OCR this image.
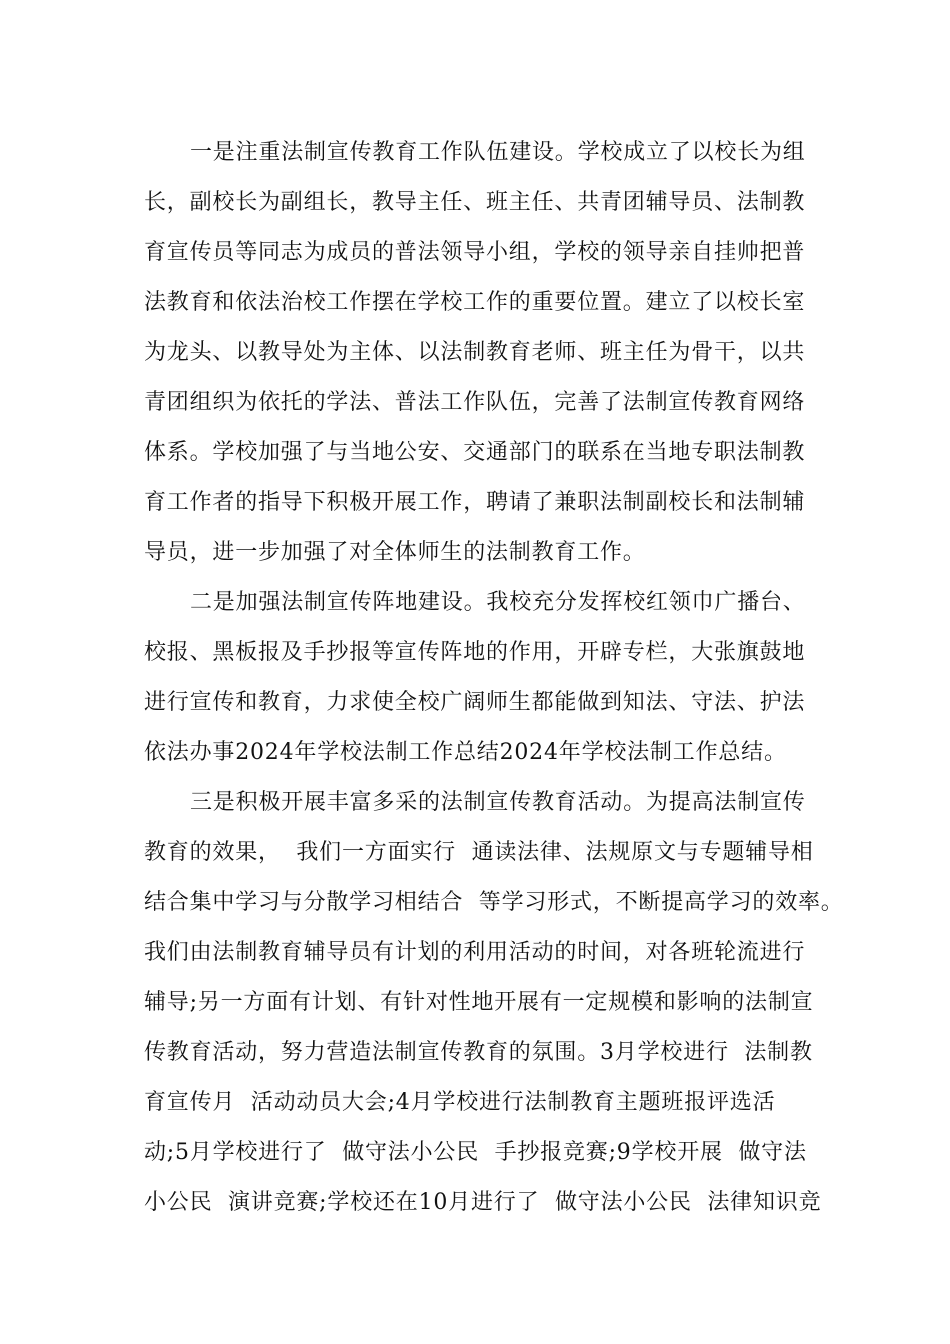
一是注重法制宣传教育工作队伍建设。学校成立了以校长为组
长，副校长为副组长，教导主任、班主任、共青团辅导员、法制教
育宣传员等同志为成员的普法领导小组，学校的领导亲自挂帅把普
法教育和依法治校工作摆在学校工作的重要位置。建立了以校长室
为龙头、以教导处为主体、以法制教育老师、班主任为骨干，以共
青团组织为依托的学法、普法工作队伍，完善了法制宣传教育网络
体系。学校加强了与当地公安、交通部门的联系在当地专职法制教
育工作者的指导下积极开展工作，聘请了兼职法制副校长和法制辅
导员，进一步加强了对全体师生的法制教育工作。
二是加强法制宣传阵地建设。我校充分发挥校红领巾广播台、
校报、黑板报及手抄报等宣传阵地的作用，开辟专栏，大张旗鼓地
进行宣传和教育，力求使全校广阔师生都能做到知法、守法、护法
依法办事2024年学校法制工作总结2024年学校法制工作总结。
三是积极开展丰富多采的法制宣传教育活动。为提高法制宣传
教育的效果，  我们一方面实行  通读法律、法规原文与专题辅导相
结合集中学习与分散学习相结合  等学习形式，不断提高学习的效率。
我们由法制教育辅导员有计划的利用活动的时间，对各班轮流进行
辅导;另一方面有计划、有针对性地开展有一定规模和影响的法制宣
传教育活动，努力营造法制宣传教育的氛围。3月学校进行  法制教
育宣传月  活动动员大会;4月学校进行法制教育主题班报评选活
动;5月学校进行了  做守法小公民  手抄报竞赛;9学校开展  做守法
小公民  演讲竞赛;学校还在10月进行了  做守法小公民  法律知识竞
